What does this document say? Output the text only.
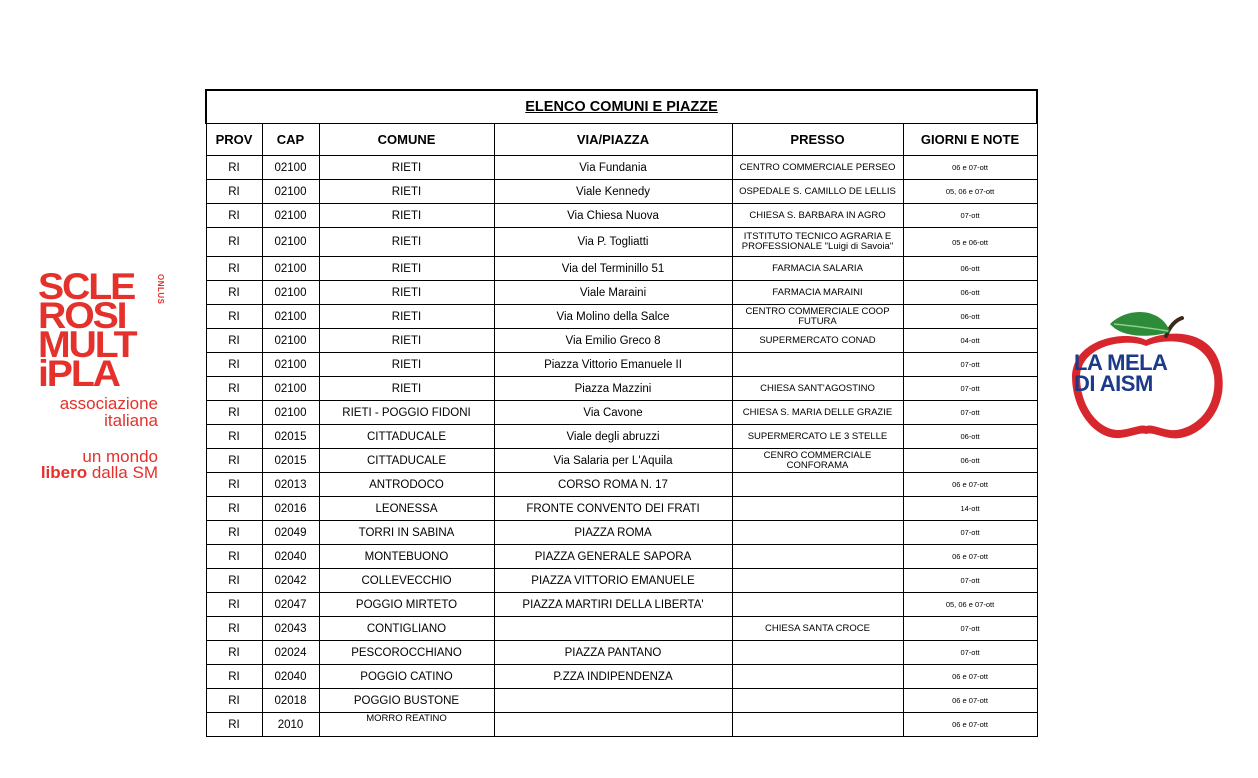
SCLE
ROSI
MULT
iPLA
ONLUS
associazione
italiana
un mondo
libero dalla SM
LA MELA
DI AISM
ELENCO COMUNI E PIAZZE					
PROV	CAP	COMUNE	VIA/PIAZZA	PRESSO	GIORNI E NOTE
RI	02100	RIETI	Via Fundania	CENTRO COMMERCIALE PERSEO	06 e 07-ott
RI	02100	RIETI	Viale Kennedy	OSPEDALE S. CAMILLO DE LELLIS	05, 06 e 07-ott
RI	02100	RIETI	Via Chiesa Nuova	CHIESA S. BARBARA IN AGRO	07-ott
RI	02100	RIETI	Via P. Togliatti	ITSTITUTO TECNICO AGRARIA E PROFESSIONALE "Luigi di Savoia"	05 e 06-ott
RI	02100	RIETI	Via del Terminillo 51	FARMACIA SALARIA	06-ott
RI	02100	RIETI	Viale Maraini	FARMACIA MARAINI	06-ott
RI	02100	RIETI	Via Molino della Salce	CENTRO COMMERCIALE COOP FUTURA	06-ott
RI	02100	RIETI	Via Emilio Greco 8	SUPERMERCATO CONAD	04-ott
RI	02100	RIETI	Piazza Vittorio Emanuele II		07-ott
RI	02100	RIETI	Piazza Mazzini	CHIESA SANT'AGOSTINO	07-ott
RI	02100	RIETI - POGGIO FIDONI	Via Cavone	CHIESA S. MARIA DELLE GRAZIE	07-ott
RI	02015	CITTADUCALE	Viale degli abruzzi	SUPERMERCATO LE 3 STELLE	06-ott
RI	02015	CITTADUCALE	Via Salaria per L'Aquila	CENRO COMMERCIALE CONFORAMA	06-ott
RI	02013	ANTRODOCO	CORSO ROMA N. 17		06 e 07-ott
RI	02016	LEONESSA	FRONTE CONVENTO DEI FRATI		14-ott
RI	02049	TORRI IN SABINA	PIAZZA ROMA		07-ott
RI	02040	MONTEBUONO	PIAZZA GENERALE SAPORA		06 e 07-ott
RI	02042	COLLEVECCHIO	PIAZZA VITTORIO EMANUELE		07-ott
RI	02047	POGGIO MIRTETO	PIAZZA MARTIRI DELLA LIBERTA'		05, 06 e 07-ott
RI	02043	CONTIGLIANO		CHIESA SANTA CROCE	07-ott
RI	02024	PESCOROCCHIANO	PIAZZA PANTANO		07-ott
RI	02040	POGGIO CATINO	P.ZZA INDIPENDENZA		06 e 07-ott
RI	02018	POGGIO BUSTONE			06 e 07-ott
RI	2010	MORRO REATINO			06 e 07-ott
